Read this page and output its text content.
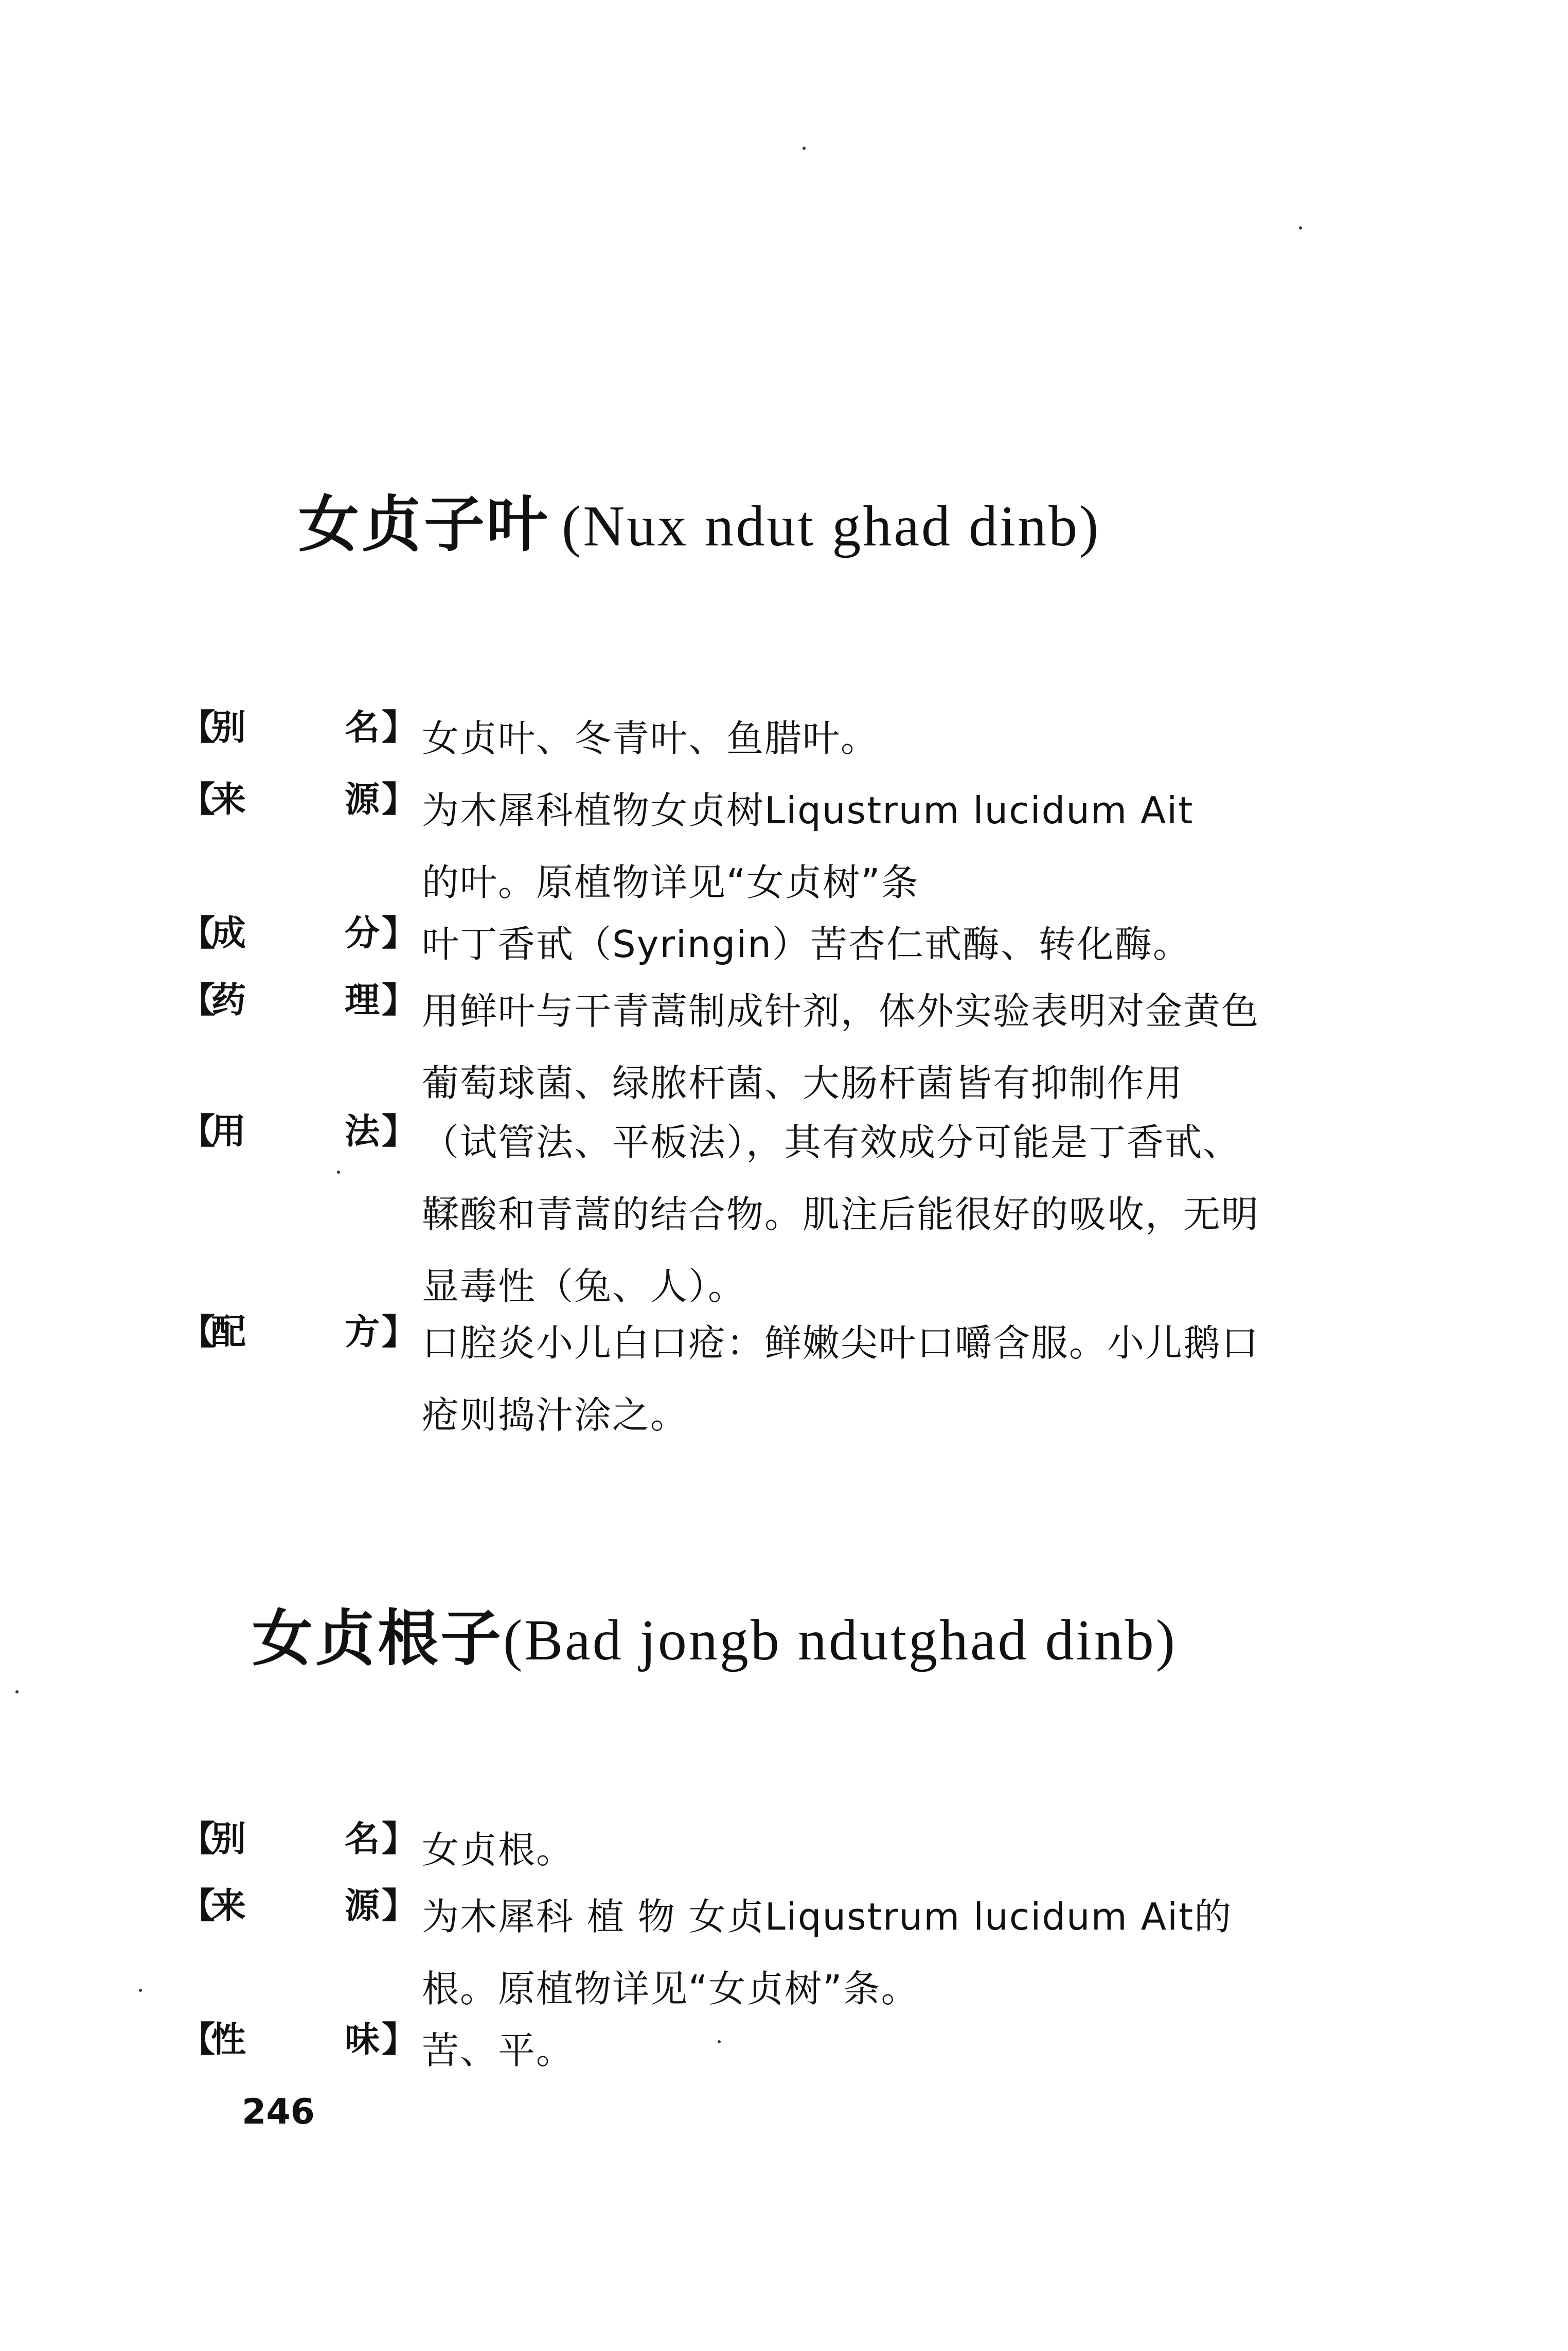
女贞子叶 (Nux ndut ghad dinb)
【
别	名 】 女贞叶、冬青叶、鱼腊叶。
【
来	源 】 为木犀科植物女贞树Liqustrum lucidum Ait
的叶。原植物详见“女贞树”条
【
成	分 】 叶丁香甙（Syringin）苦杏仁甙酶、转化酶。
【
药	理 】 用鲜叶与干青蒿制成针剂，体外实验表明对金黄色
葡萄球菌、绿脓杆菌、大肠杆菌皆有抑制作用
【
用	法 】 （试管法、平板法），其有效成分可能是丁香甙、
鞣酸和青蒿的结合物。肌注后能很好的吸收，无明
显毒性（兔、人）。
【
配	方 】 口腔炎小儿白口疮：鲜嫩尖叶口嚼含服。小儿鹅口
疮则捣汁涂之。
女贞根子(Bad jongb ndutghad dinb)
【
别	名 】 女贞根。
【
来	源 】 为木犀科 植 物 女贞Liqustrum lucidum Ait的
根。原植物详见“女贞树”条。
【
性	味 】 苦、平。
246
